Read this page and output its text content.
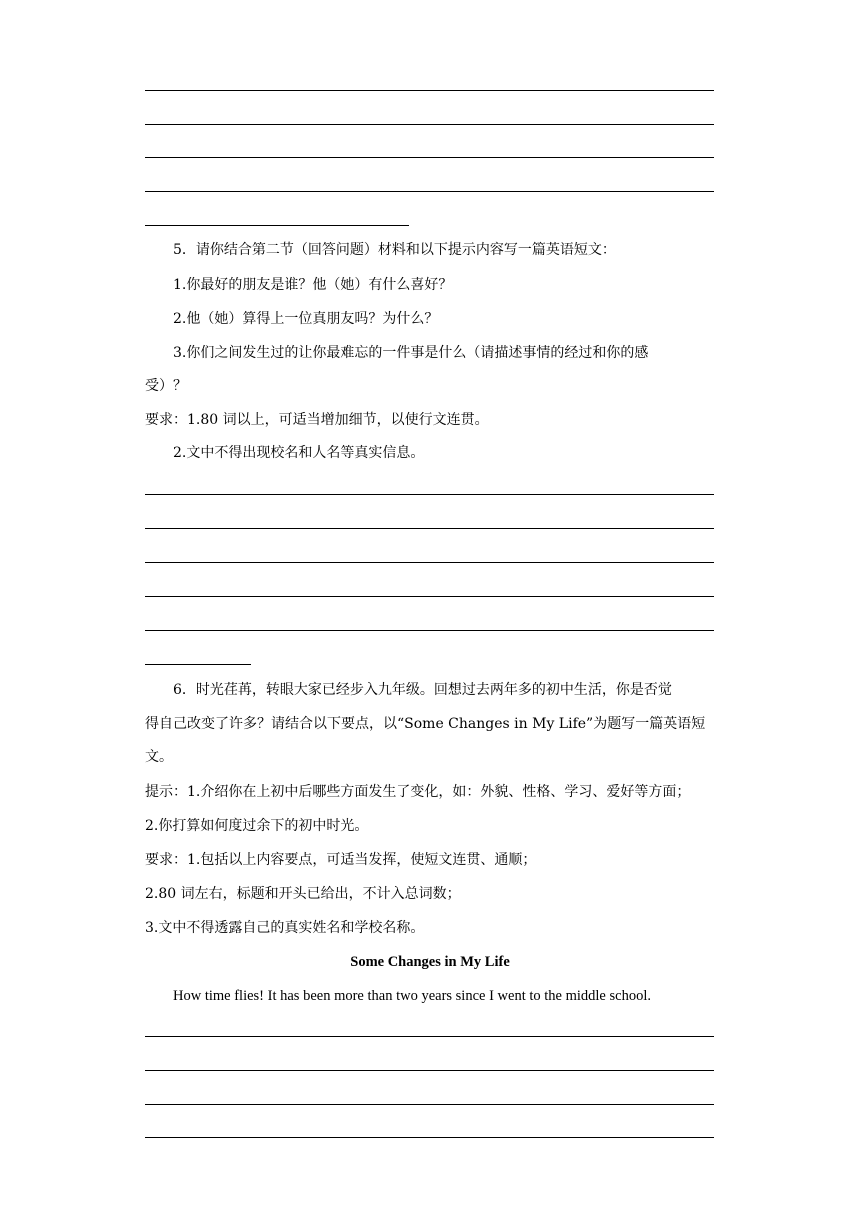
5．请你结合第二节（回答问题）材料和以下提示内容写一篇英语短文：
1.你最好的朋友是谁？他（她）有什么喜好？
2.他（她）算得上一位真朋友吗？为什么？
3.你们之间发生过的让你最难忘的一件事是什么（请描述事情的经过和你的感
受）？
要求：1.80 词以上，可适当增加细节，以使行文连贯。
2.文中不得出现校名和人名等真实信息。
6．时光荏苒，转眼大家已经步入九年级。回想过去两年多的初中生活，你是否觉
得自己改变了许多？请结合以下要点，以“Some Changes in My Life”为题写一篇英语短
文。
提示：1.介绍你在上初中后哪些方面发生了变化，如：外貌、性格、学习、爱好等方面；
2.你打算如何度过余下的初中时光。
要求：1.包括以上内容要点，可适当发挥，使短文连贯、通顺；
2.80 词左右，标题和开头已给出，不计入总词数；
3.文中不得透露自己的真实姓名和学校名称。
Some Changes in My Life
How time flies! It has been more than two years since I went to the middle school.
